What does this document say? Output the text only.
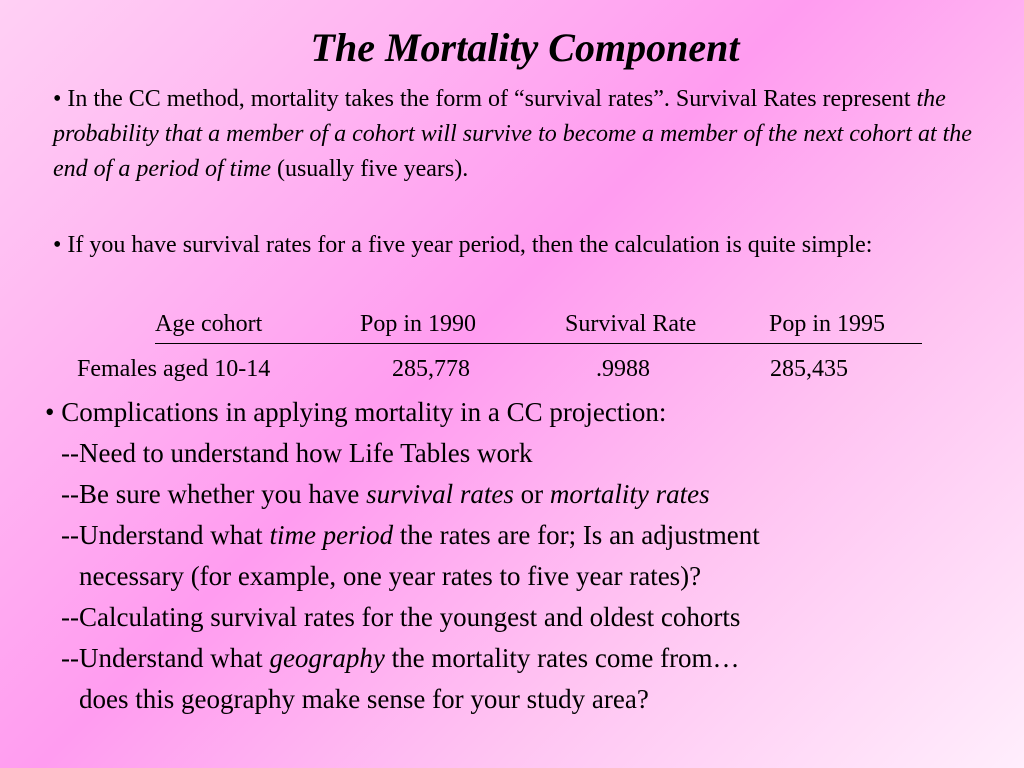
The Mortality Component
• In the CC method, mortality takes the form of “survival rates”. Survival Rates represent the probability that a member of a cohort will survive to become a member of the next cohort at the end of a period of time (usually five years).
• If you have survival rates for a five year period, then the calculation is quite simple:
Age cohort	Pop in 1990	Survival Rate	Pop in 1995
Females aged 10-14	285,778	.9988	285,435
• Complications in applying mortality in a CC projection:
--Need to understand how Life Tables work
--Be sure whether you have survival rates or mortality rates
--Understand what time period the rates are for; Is an adjustment
necessary (for example, one year rates to five year rates)?
--Calculating survival rates for the youngest and oldest cohorts
--Understand what geography the mortality rates come from…
does this geography make sense for your study area?
